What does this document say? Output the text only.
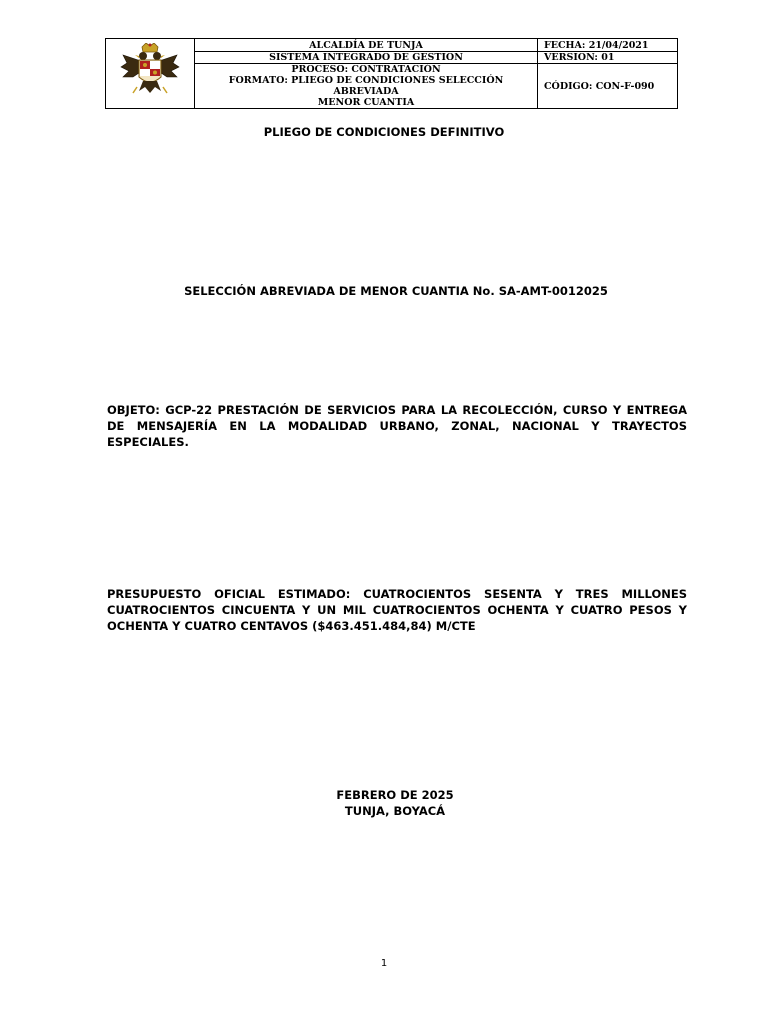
	ALCALDÍA DE TUNJA	FECHA: 21/04/2021
	SISTEMA INTEGRADO DE GESTION	VERSION: 01

	PROCESO: CONTRATACIÓN
FORMATO: PLIEGO DE CONDICIONES SELECCIÓN ABREVIADA
MENOR CUANTIA	CÓDIGO: CON-F-090
PLIEGO DE CONDICIONES DEFINITIVO
SELECCIÓN ABREVIADA DE MENOR CUANTIA No. SA-AMT-0012025
OBJETO: GCP-22 PRESTACIÓN DE SERVICIOS PARA LA RECOLECCIÓN, CURSO Y ENTREGA DE MENSAJERÍA EN LA MODALIDAD URBANO, ZONAL, NACIONAL Y TRAYECTOS ESPECIALES.
PRESUPUESTO OFICIAL ESTIMADO: CUATROCIENTOS SESENTA Y TRES MILLONES CUATROCIENTOS CINCUENTA Y UN MIL CUATROCIENTOS OCHENTA Y CUATRO PESOS Y OCHENTA Y CUATRO CENTAVOS ($463.451.484,84) M/CTE
FEBRERO DE 2025
TUNJA, BOYACÁ
1
